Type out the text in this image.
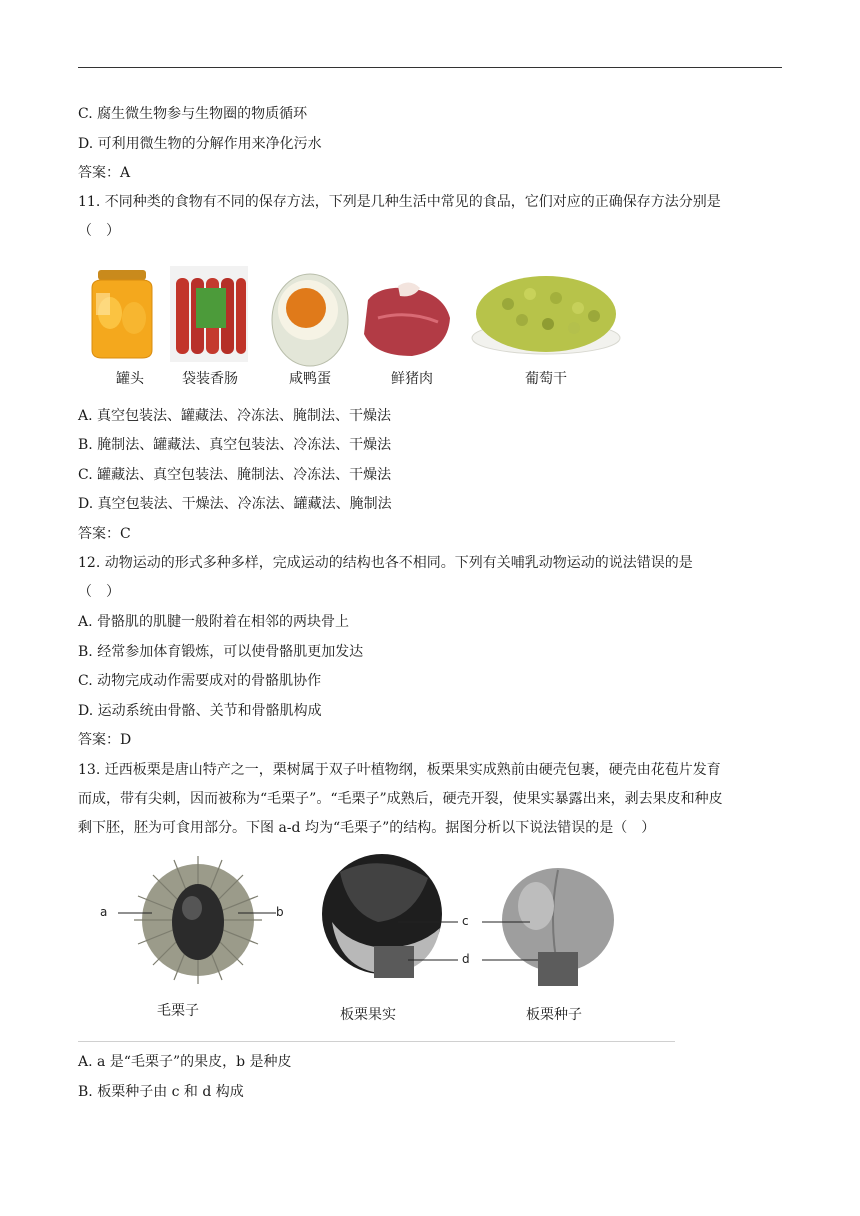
C. 腐生微生物参与生物圈的物质循环
D. 可利用微生物的分解作用来净化污水
答案：A
11. 不同种类的食物有不同的保存方法，下列是几种生活中常见的食品，它们对应的正确保存方法分别是
（　）
罐头	袋装香肠	咸鸭蛋	鲜猪肉	葡萄干
A. 真空包装法、罐藏法、冷冻法、腌制法、干燥法
B. 腌制法、罐藏法、真空包装法、冷冻法、干燥法
C. 罐藏法、真空包装法、腌制法、冷冻法、干燥法
D. 真空包装法、干燥法、冷冻法、罐藏法、腌制法
答案：C
12. 动物运动的形式多种多样，完成运动的结构也各不相同。下列有关哺乳动物运动的说法错误的是
（　）
A. 骨骼肌的肌腱一般附着在相邻的两块骨上
B. 经常参加体育锻炼，可以使骨骼肌更加发达
C. 动物完成动作需要成对的骨骼肌协作
D. 运动系统由骨骼、关节和骨骼肌构成
答案：D
13. 迁西板栗是唐山特产之一，栗树属于双子叶植物纲，板栗果实成熟前由硬壳包裹，硬壳由花苞片发育
而成，带有尖刺，因而被称为“毛栗子”。“毛栗子”成熟后，硬壳开裂，使果实暴露出来，剥去果皮和种皮
剩下胚，胚为可食用部分。下图 a-d 均为“毛栗子”的结构。据图分析以下说法错误的是（　）
a	b
c
d
毛栗子	板栗果实	板栗种子
A. a 是“毛栗子”的果皮，b 是种皮
B. 板栗种子由 c 和 d 构成
